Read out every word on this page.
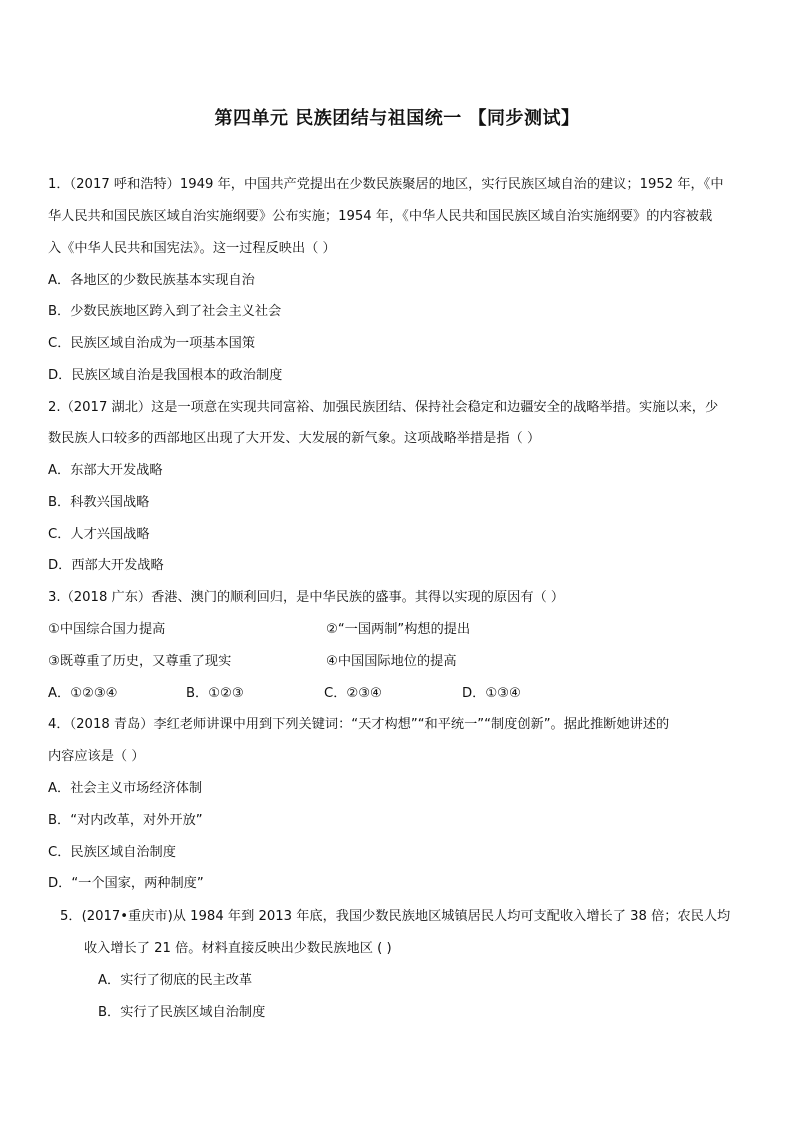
第四单元 民族团结与祖国统一 【同步测试】
1．（2017 呼和浩特）1949 年，中国共产党提出在少数民族聚居的地区，实行民族区域自治的建议；1952 年，《中
华人民共和国民族区域自治实施纲要》公布实施；1954 年，《中华人民共和国民族区域自治实施纲要》的内容被载
入《中华人民共和国宪法》。这一过程反映出（ ）
A．各地区的少数民族基本实现自治
B．少数民族地区跨入到了社会主义社会
C．民族区域自治成为一项基本国策
D．民族区域自治是我国根本的政治制度
2.（2017 湖北）这是一项意在实现共同富裕、加强民族团结、保持社会稳定和边疆安全的战略举措。实施以来，少
数民族人口较多的西部地区出现了大开发、大发展的新气象。这项战略举措是指（ ）
A．东部大开发战略
B．科教兴国战略
C．人才兴国战略
D．西部大开发战略
3.（2018 广东）香港、澳门的顺利回归，是中华民族的盛事。其得以实现的原因有（ ）
①中国综合国力提高	②“一国两制”构想的提出
③既尊重了历史，又尊重了现实	④中国国际地位的提高
A．①②③④	B．①②③	C．②③④	D．①③④
4．（2018 青岛）李红老师讲课中用到下列关键词：“天才构想”“和平统一”“制度创新”。据此推断她讲述的
内容应该是（ ）
A．社会主义市场经济体制
B．“对内改革，对外开放”
C．民族区域自治制度
D．“一个国家，两种制度”
5．(2017•重庆市)从 1984 年到 2013 年底，我国少数民族地区城镇居民人均可支配收入增长了 38 倍；农民人均
收入增长了 21 倍。材料直接反映出少数民族地区 ( )
A．实行了彻底的民主改革
B．实行了民族区域自治制度
